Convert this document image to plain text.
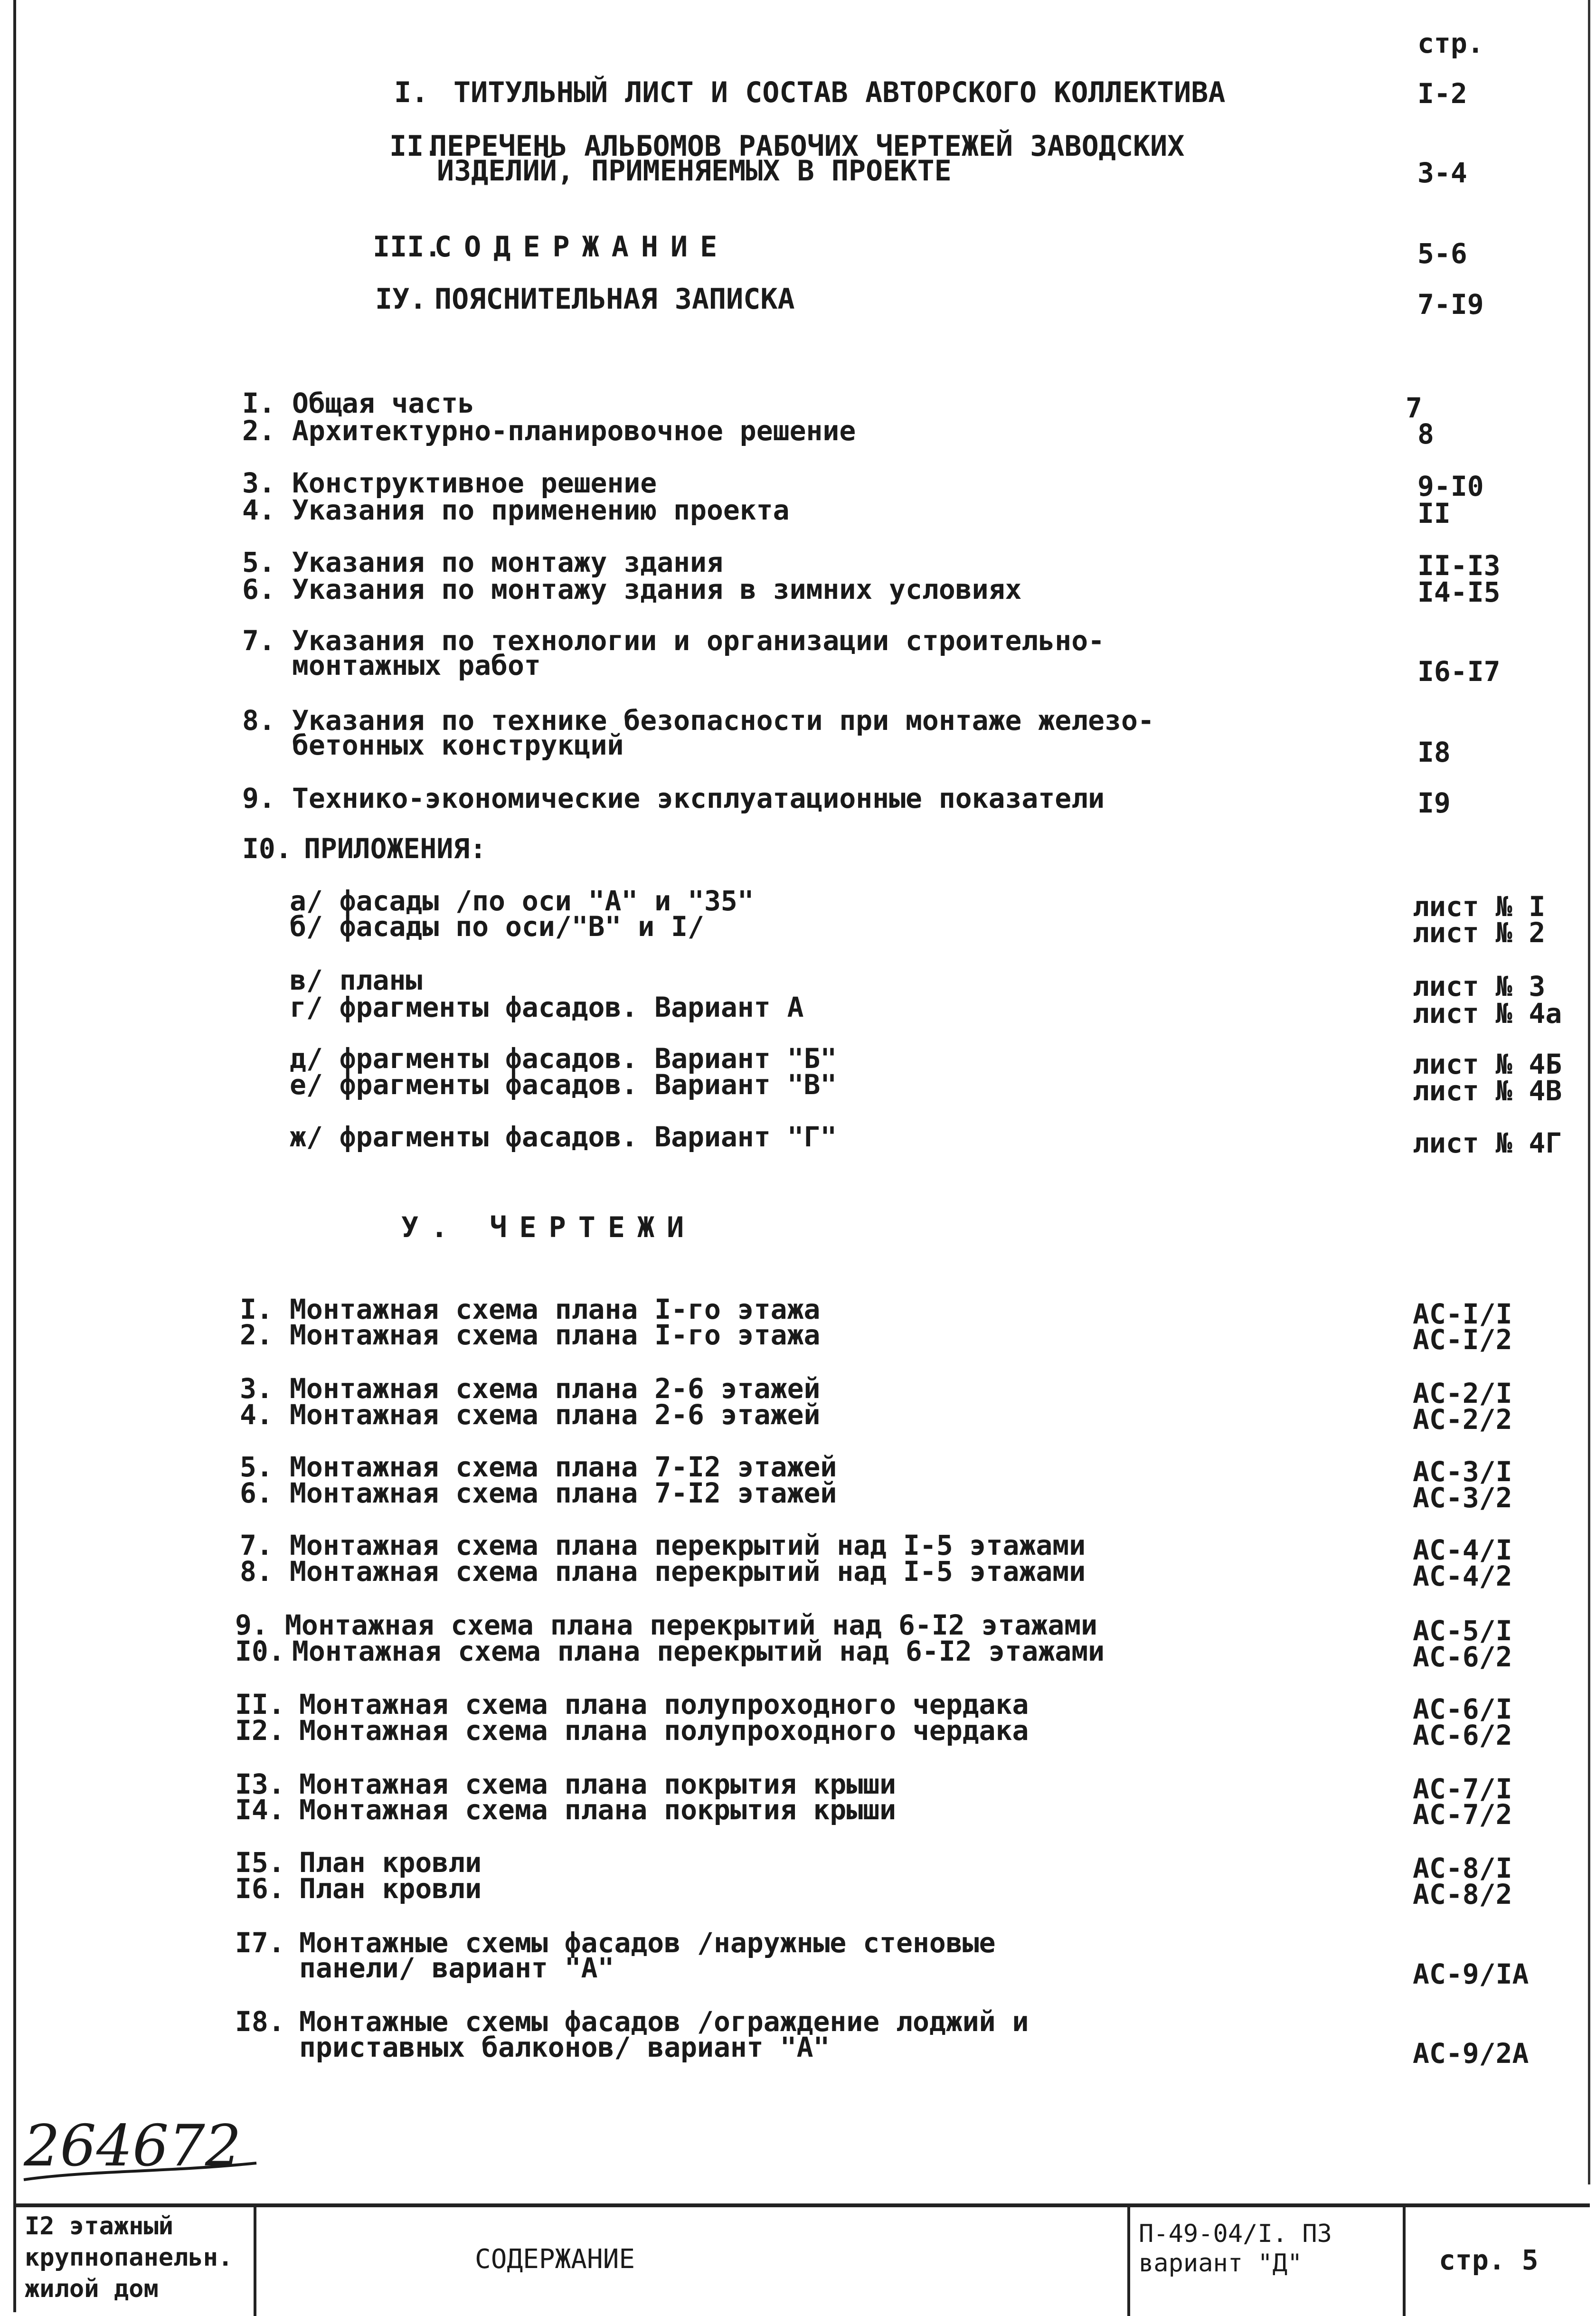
стр.
I. ТИТУЛЬНЫЙ ЛИСТ И СОСТАВ АВТОРСКОГО КОЛЛЕКТИВА	I-2
II.
ПЕРЕЧЕНЬ АЛЬБОМОВ РАБОЧИХ ЧЕРТЕЖЕЙ ЗАВОДСКИХ
ИЗДЕЛИЙ, ПРИМЕНЯЕМЫХ В ПРОЕКТЕ	3-4
III.
СОДЕРЖАНИЕ	5-6
IУ. ПОЯСНИТЕЛЬНАЯ ЗАПИСКА	7-I9
I. Общая часть	7
2. Архитектурно-планировочное решение	8
3. Конструктивное решение	9-I0
4. Указания по применению проекта	II
5. Указания по монтажу здания	II-I3
6. Указания по монтажу здания в зимних условиях	I4-I5
7. Указания по технологии и организации строительно-
монтажных работ	I6-I7
8. Указания по технике безопасности при монтаже железо-
бетонных конструкций	I8
9. Технико-экономические эксплуатационные показатели	I9
I0. ПРИЛОЖЕНИЯ:
а/ фасады /по оси "А" и "35"	лист № I
б/ фасады по оси/"В" и I/	лист № 2
в/ планы	лист № 3
г/ фрагменты фасадов. Вариант А	лист № 4а
д/ фрагменты фасадов. Вариант "Б"	лист № 4Б
е/ фрагменты фасадов. Вариант "В"	лист № 4В
ж/ фрагменты фасадов. Вариант "Г"	лист № 4Г
У. ЧЕРТЕЖИ
I. Монтажная схема плана I-го этажа	АС-I/I
2. Монтажная схема плана I-го этажа	АС-I/2
3. Монтажная схема плана 2-6 этажей	АС-2/I
4. Монтажная схема плана 2-6 этажей	АС-2/2
5. Монтажная схема плана 7-I2 этажей	АС-3/I
6. Монтажная схема плана 7-I2 этажей	АС-3/2
7. Монтажная схема плана перекрытий над I-5 этажами	АС-4/I
8. Монтажная схема плана перекрытий над I-5 этажами	АС-4/2
9. Монтажная схема плана перекрытий над 6-I2 этажами	АС-5/I
I0. Монтажная схема плана перекрытий над 6-I2 этажами	АС-6/2
II. Монтажная схема плана полупроходного чердака	АС-6/I
I2. Монтажная схема плана полупроходного чердака	АС-6/2
I3. Монтажная схема плана покрытия крыши	АС-7/I
I4. Монтажная схема плана покрытия крыши	АС-7/2
I5. План кровли	АС-8/I
I6. План кровли	АС-8/2
I7. Монтажные схемы фасадов /наружные стеновые
панели/ вариант "А"	АС-9/IА
I8. Монтажные схемы фасадов /ограждение лоджий и
приставных балконов/ вариант "А"	АС-9/2А
264672
I2 этажный
крупнопанельн.
жилой дом
СОДЕРЖАНИЕ
П-49-04/I. ПЗ
вариант "Д"	стр. 5
